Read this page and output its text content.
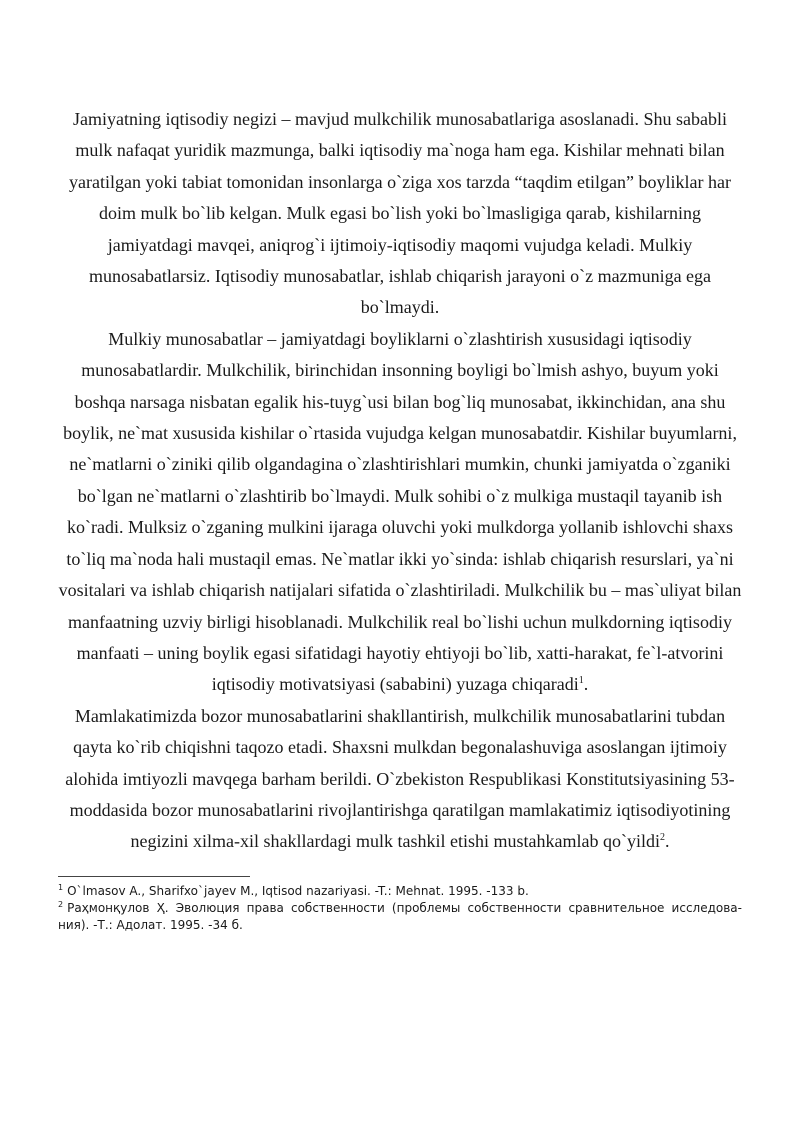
Jamiyatning iqtisodiy negizi – mavjud mulkchilik munosabatlariga asoslanadi. Shu sababli mulk nafaqat yuridik mazmunga, balki iqtisodiy ma`noga ham ega. Kishilar mehnati bilan yaratilgan yoki tabiat tomonidan insonlarga o`ziga xos tarzda “taqdim etilgan” boyliklar har doim mulk bo`lib kelgan. Mulk egasi bo`lish yoki bo`lmasligiga qarab, kishilarning jamiyatdagi mavqei, aniqrog`i ijtimoiy-iqtisodiy maqomi vujudga keladi. Mulkiy munosabatlarsiz. Iqtisodiy munosabatlar, ishlab chiqarish jarayoni o`z mazmuniga ega bo`lmaydi.

Mulkiy munosabatlar – jamiyatdagi boyliklarni o`zlashtirish xususidagi iqtisodiy munosabatlardir. Mulkchilik, birinchidan insonning boyligi bo`lmish ashyo, buyum yoki boshqa narsaga nisbatan egalik his-tuyg`usi bilan bog`liq munosabat, ikkinchidan, ana shu boylik, ne`mat xususida kishilar o`rtasida vujudga kelgan munosabatdir. Kishilar buyumlarni, ne`matlarni o`ziniki qilib olgandagina o`zlashtirishlari mumkin, chunki jamiyatda o`zganiki bo`lgan ne`matlarni o`zlashtirib bo`lmaydi. Mulk sohibi o`z mulkiga mustaqil tayanib ish ko`radi. Mulksiz o`zganing mulkini ijaraga oluvchi yoki mulkdorga yollanib ishlovchi shaxs to`liq ma`noda hali mustaqil emas. Ne`matlar ikki yo`sinda: ishlab chiqarish resurslari, ya`ni vositalari va ishlab chiqarish natijalari sifatida o`zlashtiriladi. Mulkchilik bu – mas`uliyat bilan manfaatning uzviy birligi hisoblanadi. Mulkchilik real bo`lishi uchun mulkdorning iqtisodiy manfaati – uning boylik egasi sifatidagi hayotiy ehtiyoji bo`lib, xatti-harakat, fe`l-atvorini iqtisodiy motivatsiyasi (sababini) yuzaga chiqaradi$^1$.

Mamlakatimizda bozor munosabatlarini shakllantirish, mulkchilik munosabatlarini tubdan qayta ko`rib chiqishni taqozo etadi. Shaxsni mulkdan begonalashuviga asoslangan ijtimoiy alohida imtiyozli mavqega barham berildi. O`zbekiston Respublikasi Konstitutsiyasining 53-moddasida bozor munosabatlarini rivojlantirishga qaratilgan mamlakatimiz iqtisodiyotining negizini xilma-xil shakllardagi mulk tashkil etishi mustahkamlab qo`yildi$^2$.

$^1$ O`lmasov A., Sharifxo`jayev M., Iqtisod nazariyasi. -T.: Mehnat. 1995. -133 b.

$^2$ Раҳмонқулов Ҳ. Эволюция права собственности (проблемы собственности сравнительное исследова-ния). -Т.: Адолат. 1995. -34 б.
